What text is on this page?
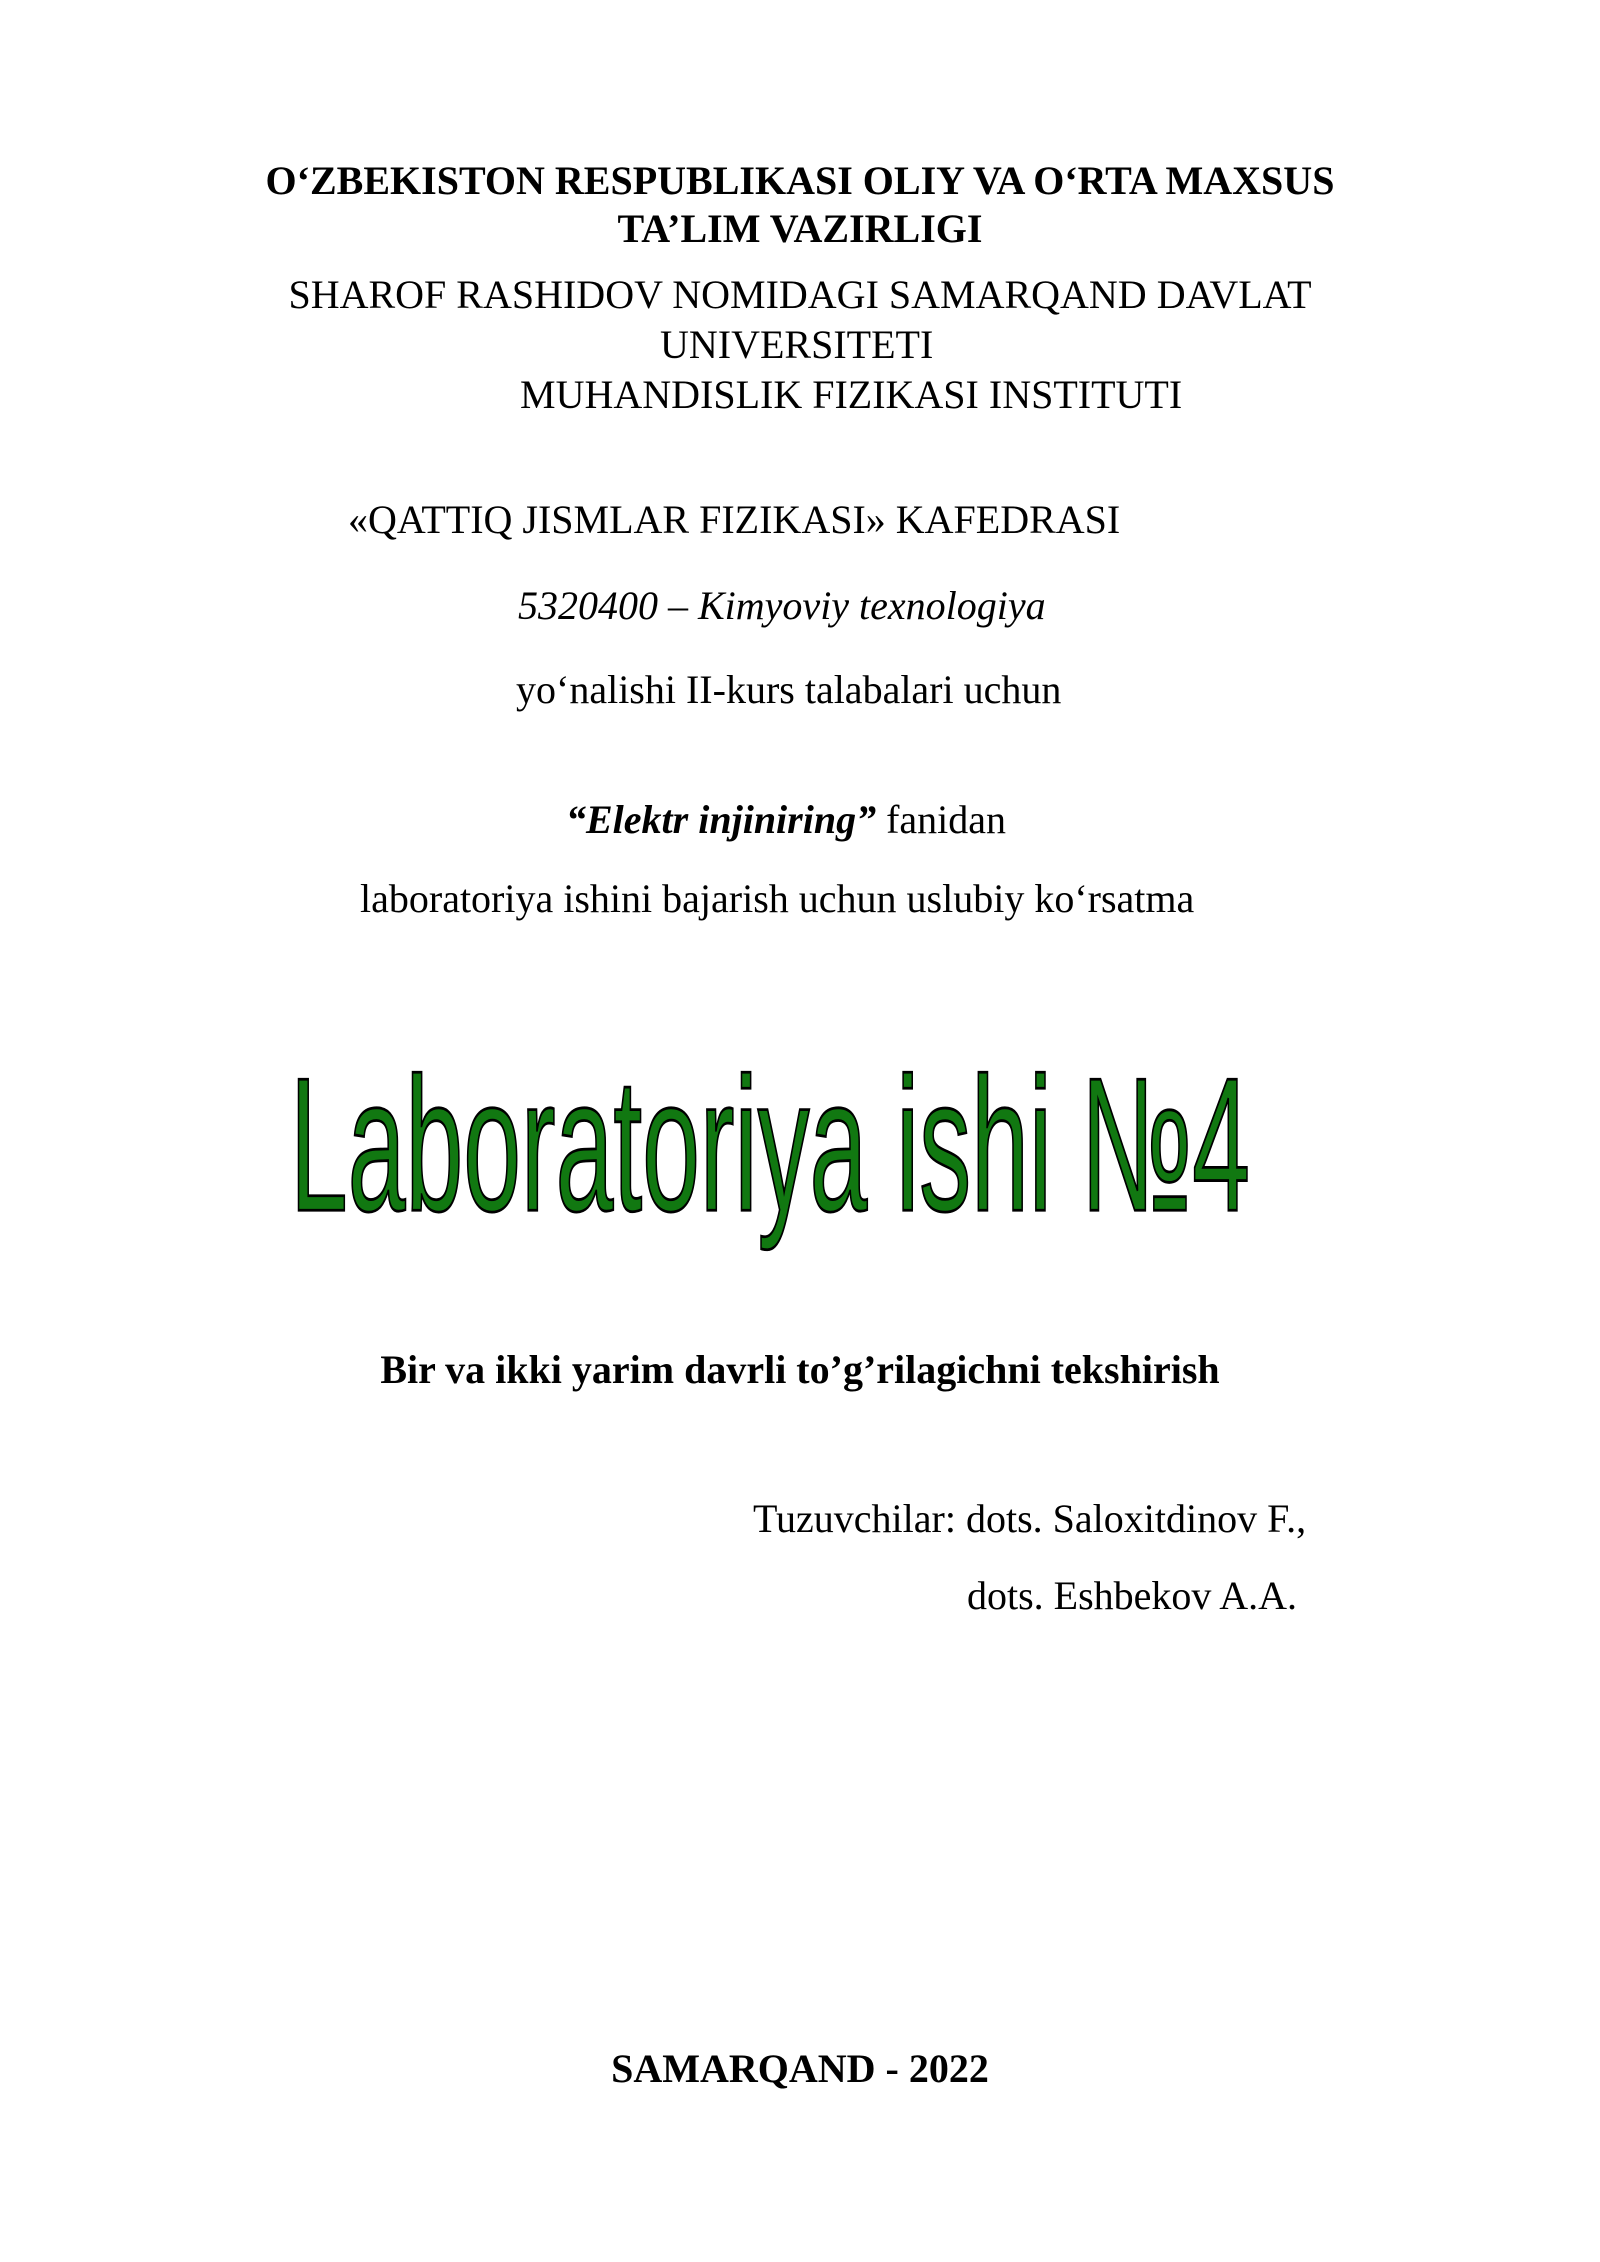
O‘ZBEKISTON RESPUBLIKASI OLIY VA O‘RTA MAXSUS
TA’LIM VAZIRLIGI
SHAROF RASHIDOV NOMIDAGI SAMARQAND DAVLAT
UNIVERSITETI
MUHANDISLIK FIZIKASI INSTITUTI
«QATTIQ JISMLAR FIZIKASI» KAFEDRASI
5320400 – Kimyoviy texnologiya
yo‘nalishi II-kurs talabalari uchun
“Elektr injiniring” fanidan
laboratoriya ishini bajarish uchun uslubiy ko‘rsatma
Laboratoriya ishi №4
Bir va ikki yarim davrli to’g’rilagichni tekshirish
Tuzuvchilar: dots. Saloxitdinov F.,
dots. Eshbekov A.A.
SAMARQAND - 2022
